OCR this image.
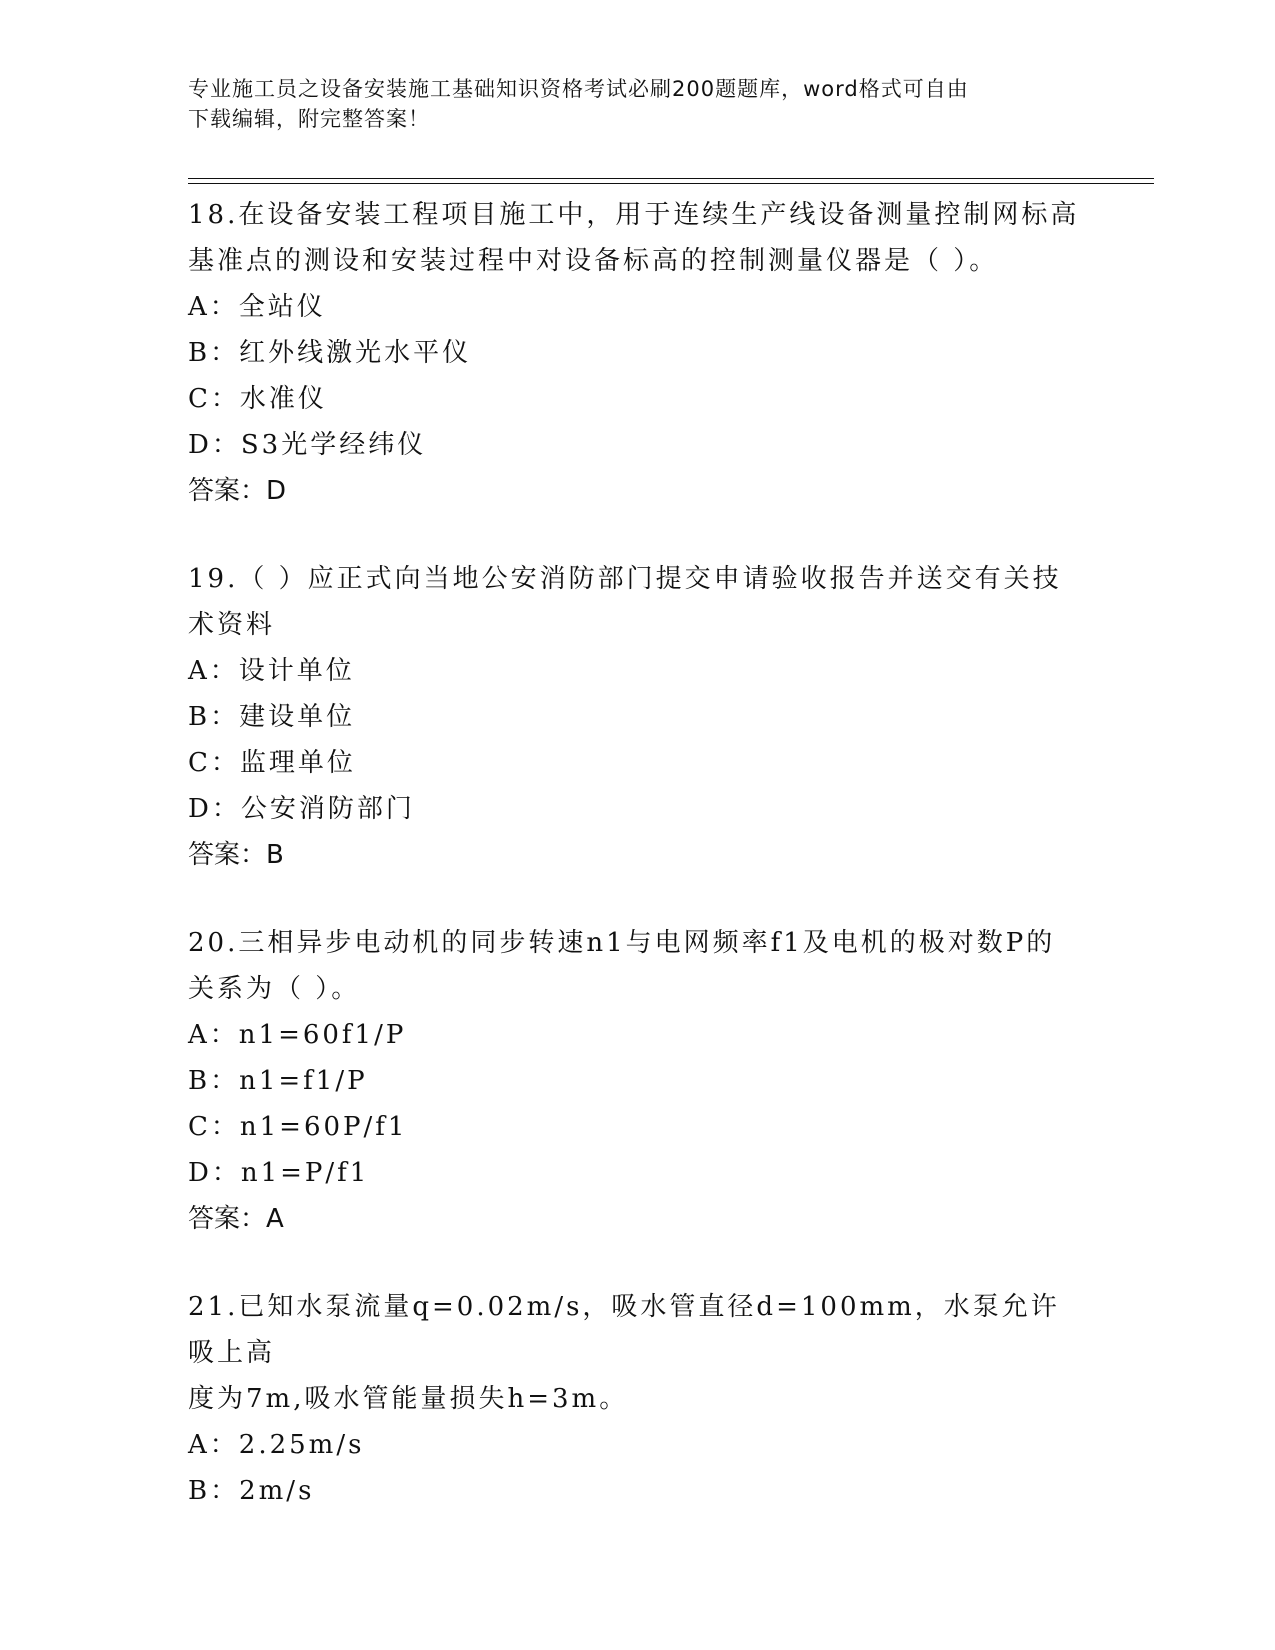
专业施工员之设备安装施工基础知识资格考试必刷200题题库，word格式可自由
下载编辑，附完整答案！

18.在设备安装工程项目施工中，用于连续生产线设备测量控制网标高

基准点的测设和安装过程中对设备标高的控制测量仪器是（ ）。

A：全站仪

B：红外线激光水平仪

C：水准仪

D：S3光学经纬仪

答案：D

19.（ ）应正式向当地公安消防部门提交申请验收报告并送交有关技

术资料

A：设计单位

B：建设单位

C：监理单位

D：公安消防部门

答案：B

20.三相异步电动机的同步转速n1与电网频率f1及电机的极对数P的

关系为（ ）。

A：n1=60f1/P

B：n1=f1/P

C：n1=60P/f1

D：n1=P/f1

答案：A

21.已知水泵流量q=0.02m/s，吸水管直径d=100mm，水泵允许吸上高

度为7m,吸水管能量损失h=3m。

A：2.25m/s

B：2m/s
